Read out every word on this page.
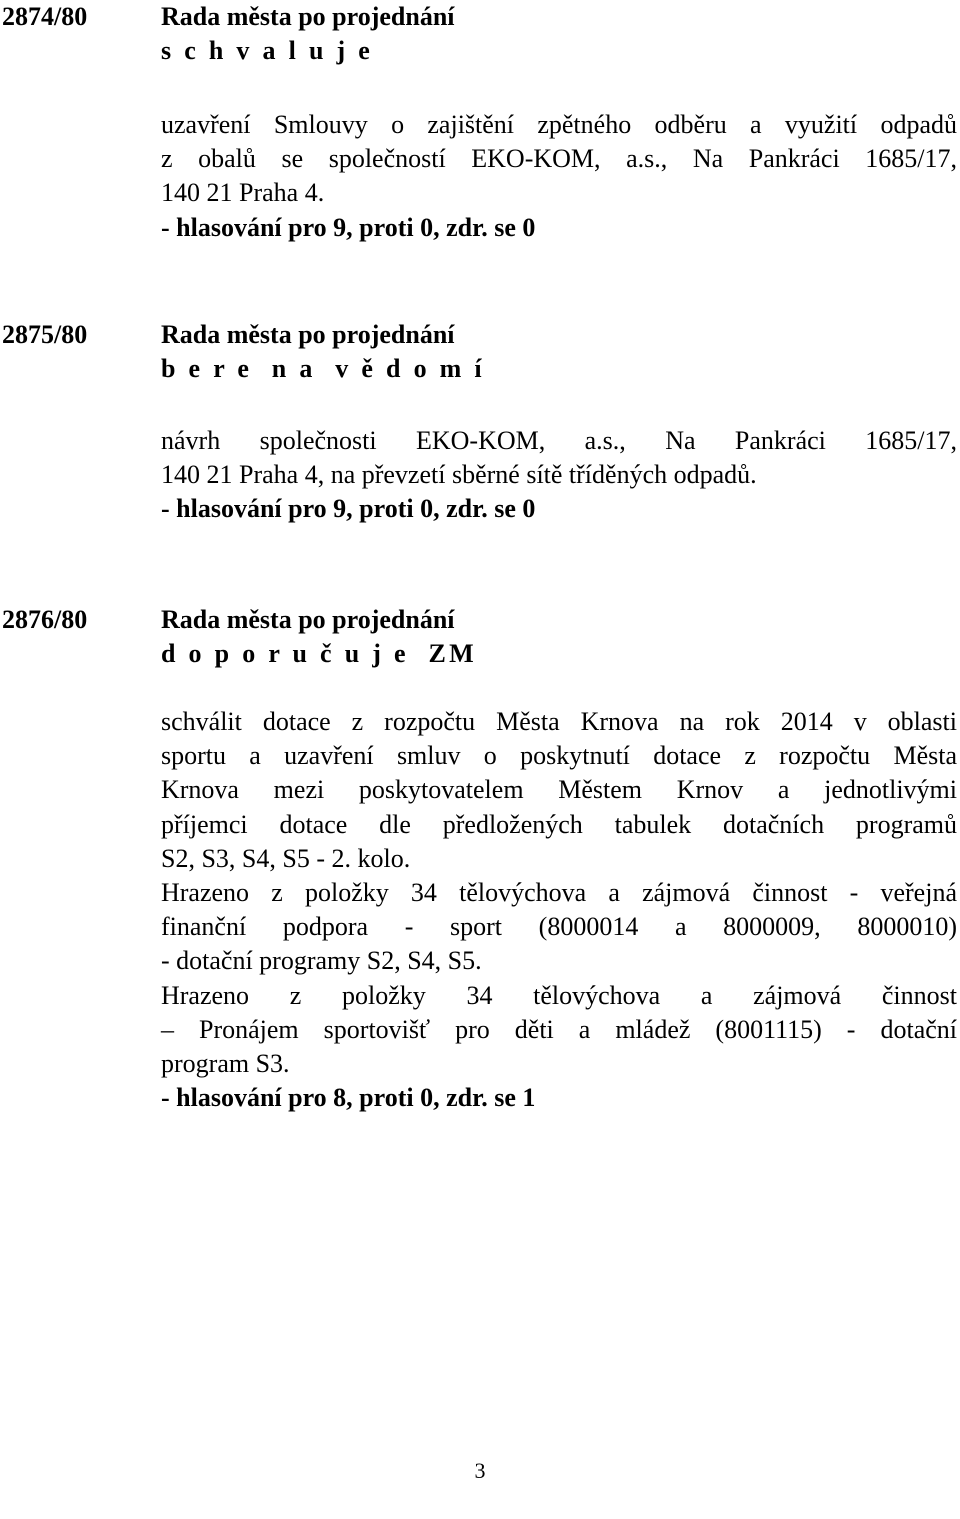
2874/80	Rada města po projednání
s c h v a l u j e
uzavření Smlouvy o zajištění zpětného odběru a využití odpadů
z obalů se společností EKO-KOM, a.s., Na Pankráci 1685/17,
140 21 Praha 4.
- hlasování pro 9, proti 0, zdr. se 0
2875/80	Rada města po projednání
b e r e  n a  v ě d o m í
návrh společnosti EKO-KOM, a.s., Na Pankráci 1685/17,
140 21 Praha 4, na převzetí sběrné sítě tříděných odpadů.
- hlasování pro 9, proti 0, zdr. se 0
2876/80	Rada města po projednání
d o p o r u č u j e  ZM
schválit dotace z rozpočtu Města Krnova na rok 2014 v oblasti
sportu a uzavření smluv o poskytnutí dotace z rozpočtu Města
Krnova mezi poskytovatelem Městem Krnov a jednotlivými
příjemci dotace dle předložených tabulek dotačních programů
S2, S3, S4, S5 - 2. kolo.
Hrazeno z položky 34 tělovýchova a zájmová činnost - veřejná
finanční podpora - sport (8000014 a 8000009, 8000010)
- dotační programy S2, S4, S5.
Hrazeno z položky 34 tělovýchova a zájmová činnost
– Pronájem sportovišť pro děti a mládež (8001115) - dotační
program S3.
- hlasování pro 8, proti 0, zdr. se 1
3
